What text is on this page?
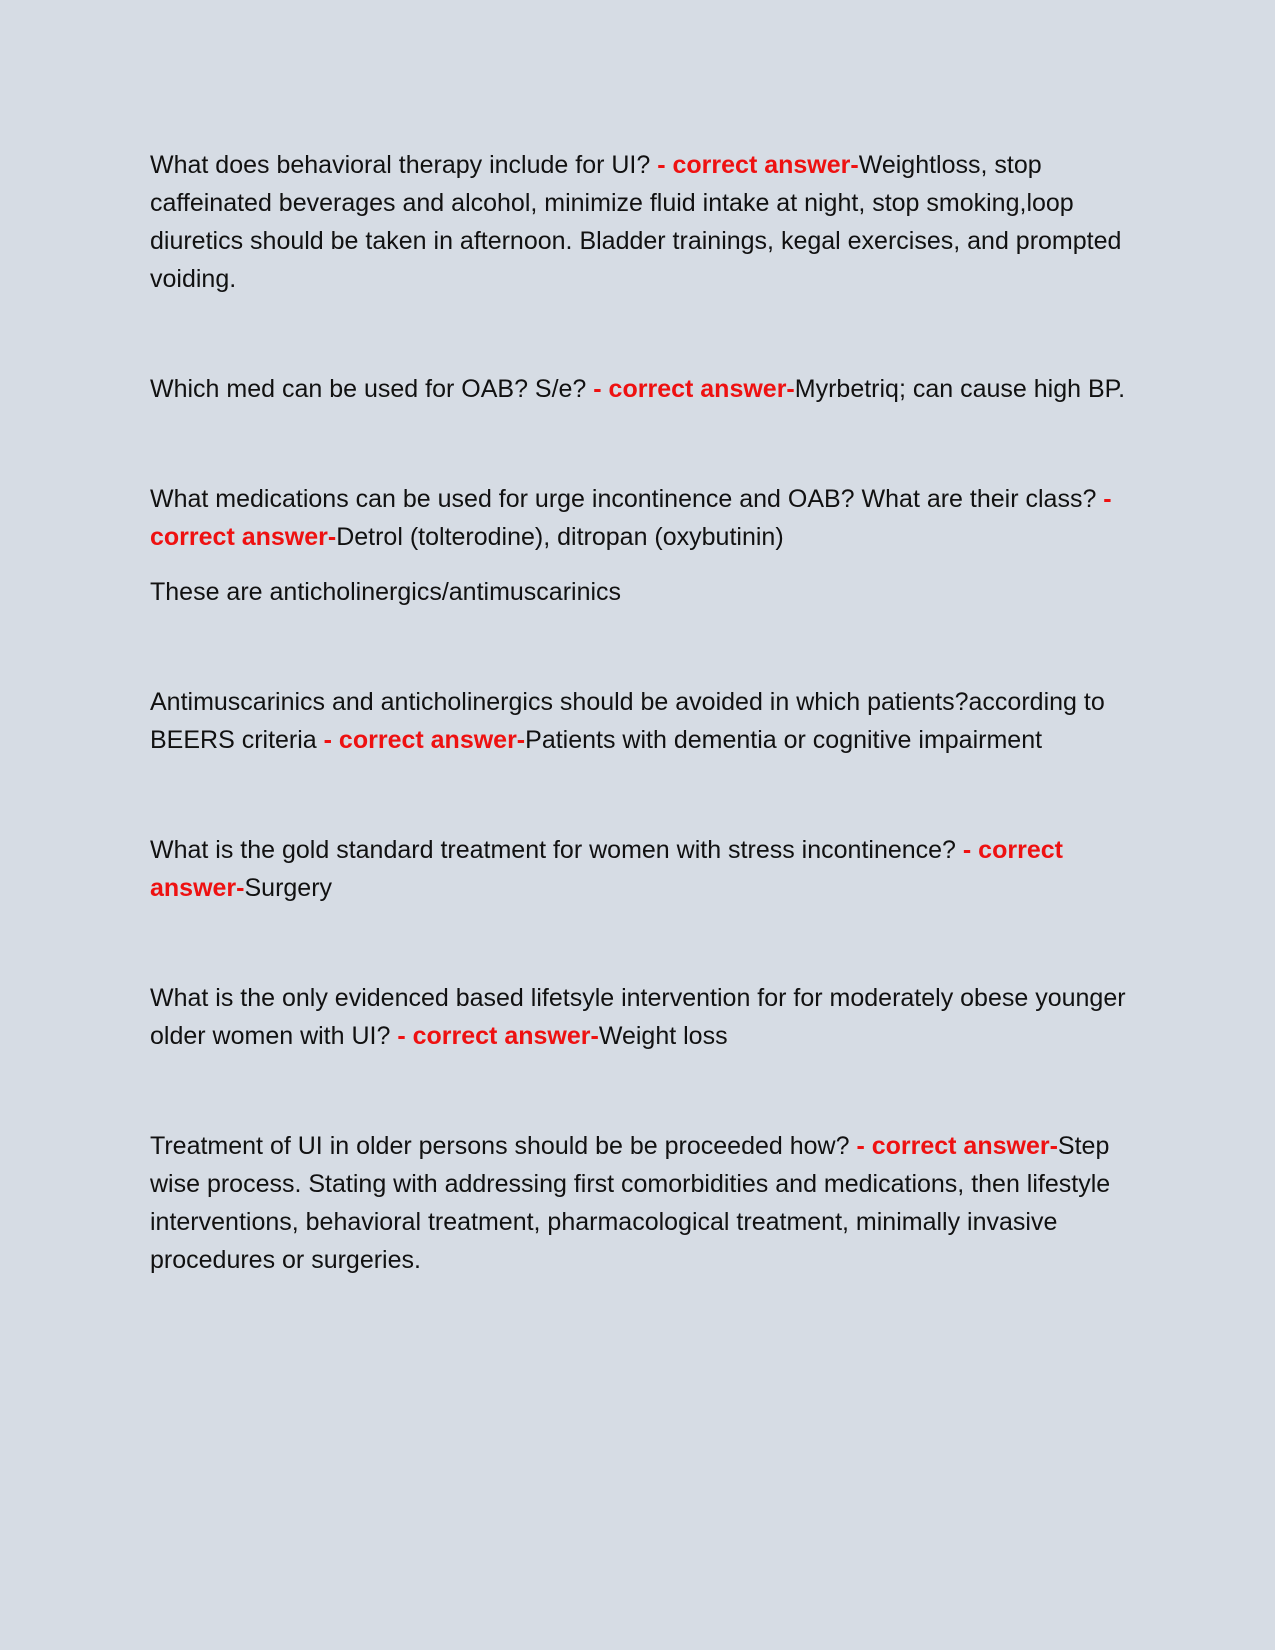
What does behavioral therapy include for UI? - correct answer-Weightloss, stop caffeinated beverages and alcohol, minimize fluid intake at night, stop smoking,loop diuretics should be taken in afternoon. Bladder trainings, kegal exercises, and prompted voiding.

Which med can be used for OAB? S/e? - correct answer-Myrbetriq; can cause high BP.

What medications can be used for urge incontinence and OAB? What are their class? - correct answer-Detrol (tolterodine), ditropan (oxybutinin)

These are anticholinergics/antimuscarinics

Antimuscarinics and anticholinergics should be avoided in which patients?according to BEERS criteria - correct answer-Patients with dementia or cognitive impairment

What is the gold standard treatment for women with stress incontinence? - correct answer-Surgery

What is the only evidenced based lifetsyle intervention for for moderately obese younger older women with UI? - correct answer-Weight loss

Treatment of UI in older persons should be be proceeded how? - correct answer-Step wise process. Stating with addressing first comorbidities and medications, then lifestyle interventions, behavioral treatment, pharmacological treatment, minimally invasive procedures or surgeries.
